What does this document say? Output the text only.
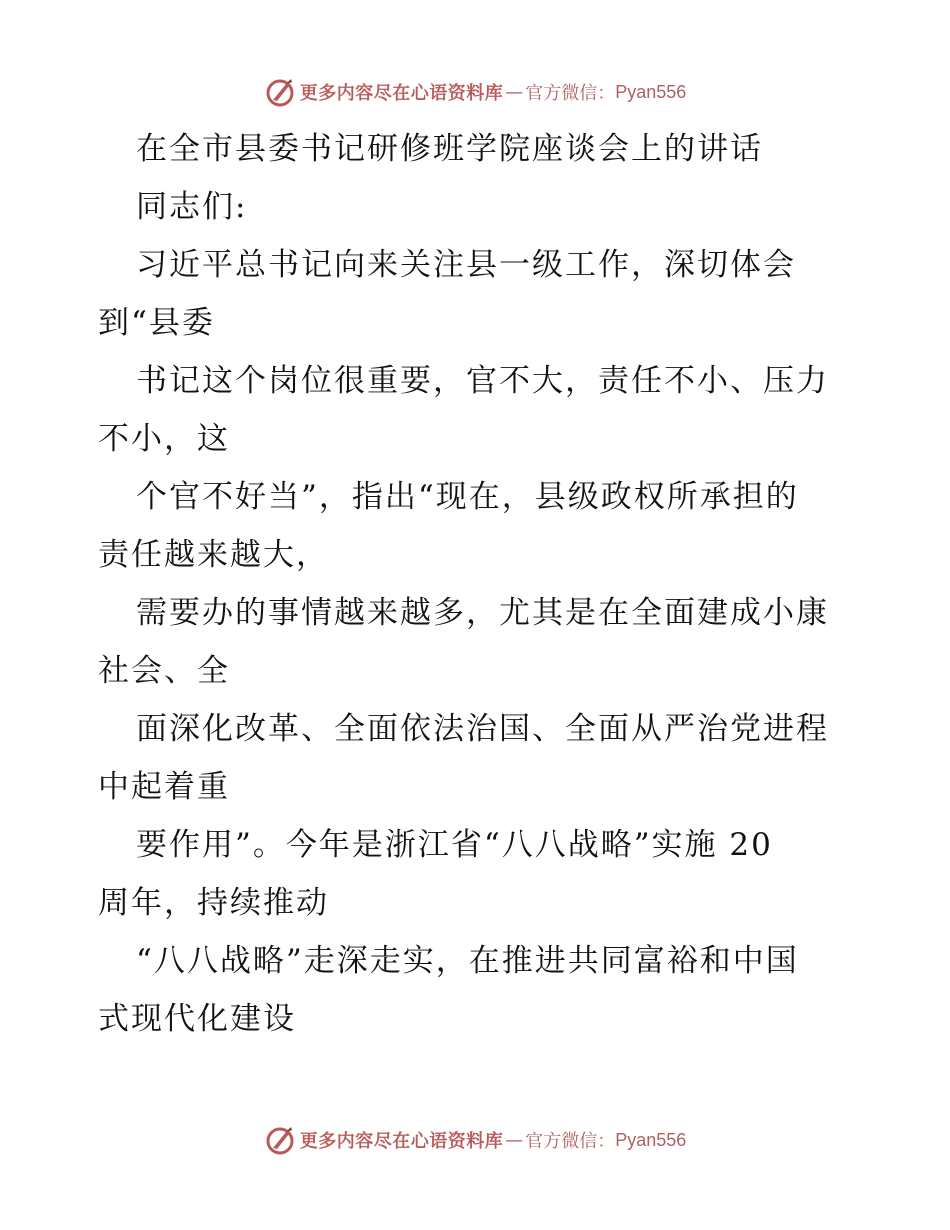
更多内容尽在心语资料库 — 官方微信： Pyan556
在全市县委书记研修班学院座谈会上的讲话
同志们:
习近平总书记向来关注县一级工作，深切体会
到“县委
书记这个岗位很重要，官不大，责任不小、压力
不小，这
个官不好当”，指出“现在，县级政权所承担的
责任越来越大，
需要办的事情越来越多，尤其是在全面建成小康
社会、全
面深化改革、全面依法治国、全面从严治党进程
中起着重
要作用”。今年是浙江省“八八战略”实施 20
周年，持续推动
“八八战略”走深走实，在推进共同富裕和中国
式现代化建设
更多内容尽在心语资料库 — 官方微信： Pyan556
